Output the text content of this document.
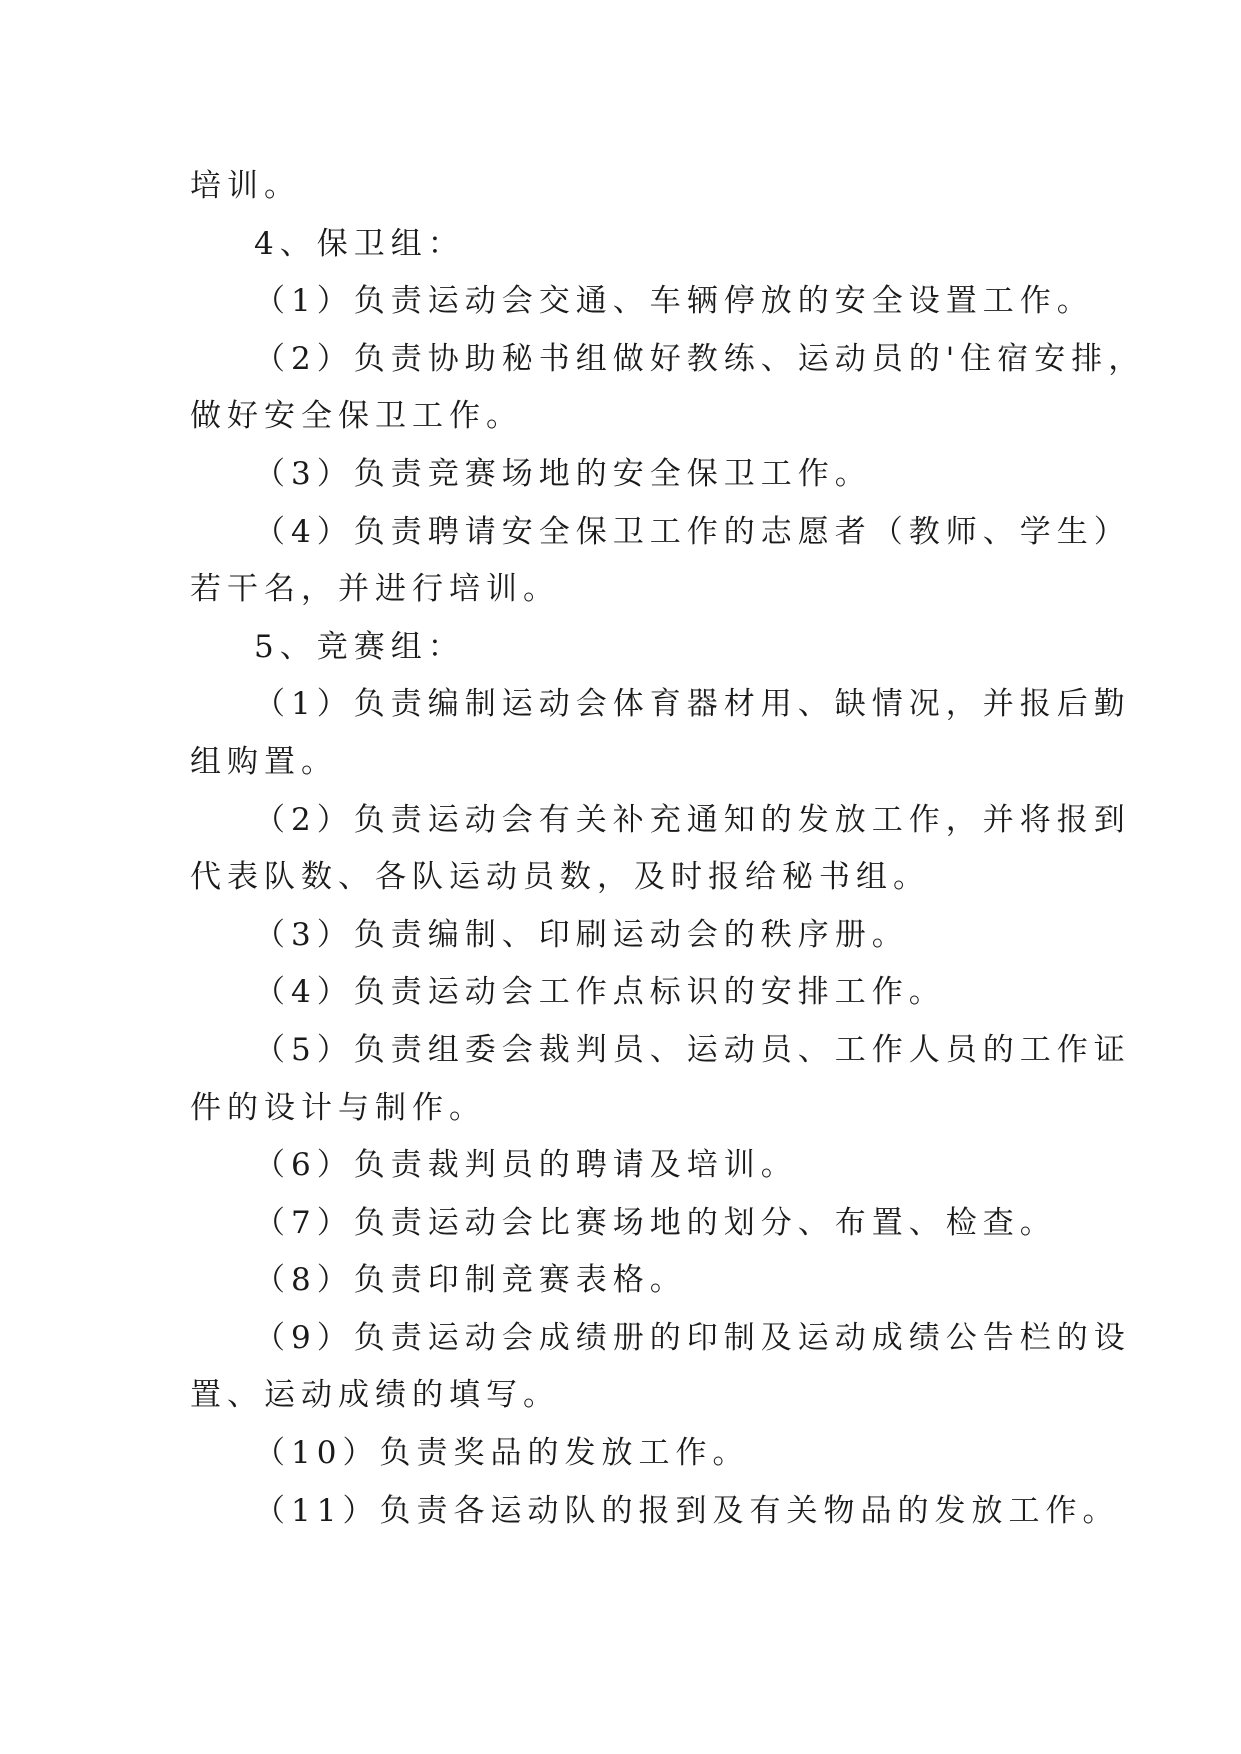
培训。
4、保卫组：
（1）负责运动会交通、车辆停放的安全设置工作。
（2）负责协助秘书组做好教练、运动员的'住宿安排，
做好安全保卫工作。
（3）负责竞赛场地的安全保卫工作。
（4）负责聘请安全保卫工作的志愿者（教师、学生）
若干名，并进行培训。
5、竞赛组：
（1）负责编制运动会体育器材用、缺情况，并报后勤
组购置。
（2）负责运动会有关补充通知的发放工作，并将报到
代表队数、各队运动员数，及时报给秘书组。
（3）负责编制、印刷运动会的秩序册。
（4）负责运动会工作点标识的安排工作。
（5）负责组委会裁判员、运动员、工作人员的工作证
件的设计与制作。
（6）负责裁判员的聘请及培训。
（7）负责运动会比赛场地的划分、布置、检查。
（8）负责印制竞赛表格。
（9）负责运动会成绩册的印制及运动成绩公告栏的设
置、运动成绩的填写。
（10）负责奖品的发放工作。
（11）负责各运动队的报到及有关物品的发放工作。
